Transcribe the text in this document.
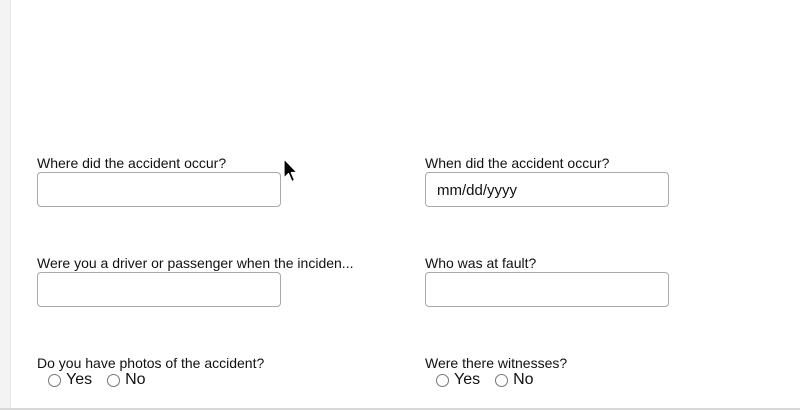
Where did the accident occur?	When did the accident occur?
mm/dd/yyyy
Were you a driver or passenger when the inciden...	Who was at fault?
Do you have photos of the accident?
Yes No
Were there witnesses?
Yes No
